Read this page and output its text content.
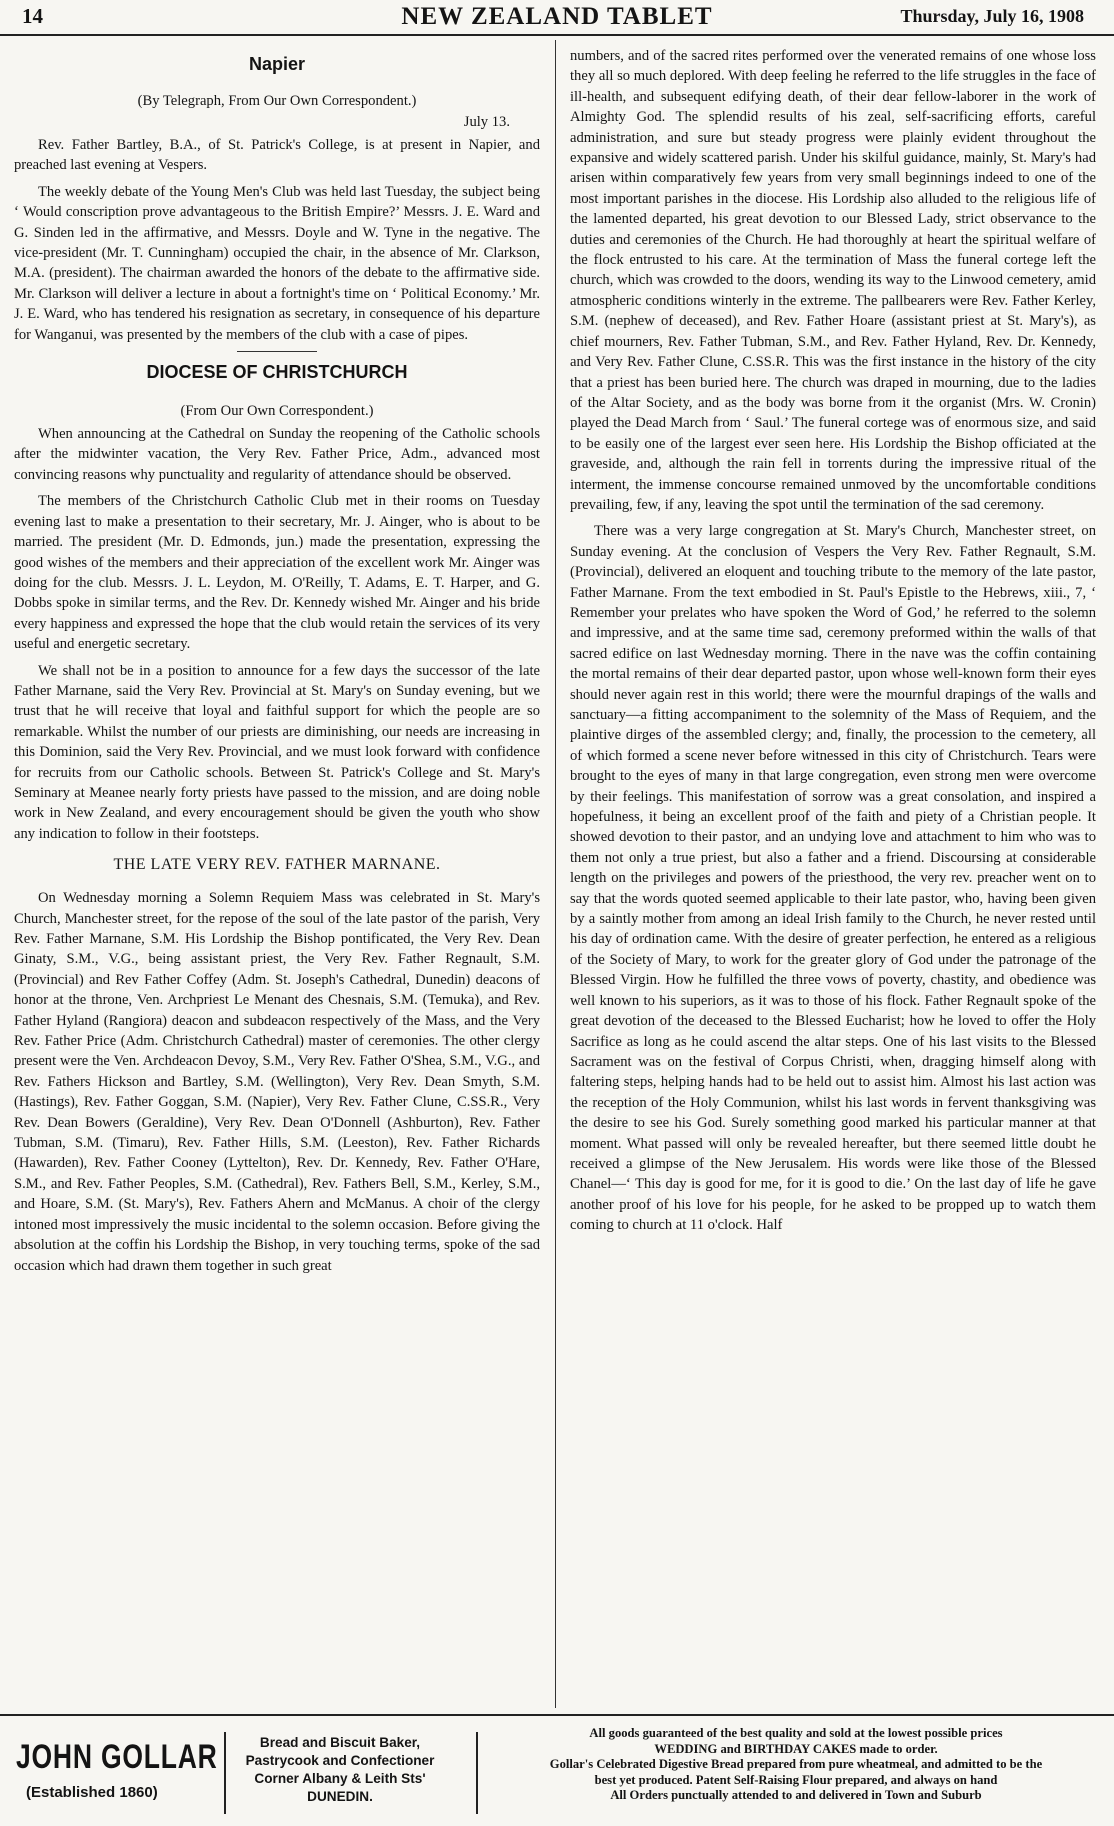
14	NEW ZEALAND TABLET	Thursday, July 16, 1908
Napier
(By Telegraph, From Our Own Correspondent.)
July 13.

Rev. Father Bartley, B.A., of St. Patrick's College, is at present in Napier, and preached last evening at Vespers.

The weekly debate of the Young Men's Club was held last Tuesday, the subject being ‘ Would conscription prove advantageous to the British Empire?’ Messrs. J. E. Ward and G. Sinden led in the affirmative, and Messrs. Doyle and W. Tyne in the negative. The vice-president (Mr. T. Cunningham) occupied the chair, in the absence of Mr. Clarkson, M.A. (president). The chairman awarded the honors of the debate to the affirmative side. Mr. Clarkson will deliver a lecture in about a fortnight's time on ‘ Political Economy.’ Mr. J. E. Ward, who has tendered his resignation as secretary, in consequence of his departure for Wanganui, was presented by the members of the club with a case of pipes.

DIOCESE OF CHRISTCHURCH
(From Our Own Correspondent.)

When announcing at the Cathedral on Sunday the reopening of the Catholic schools after the midwinter vacation, the Very Rev. Father Price, Adm., advanced most convincing reasons why punctuality and regularity of attendance should be observed.

The members of the Christchurch Catholic Club met in their rooms on Tuesday evening last to make a presentation to their secretary, Mr. J. Ainger, who is about to be married. The president (Mr. D. Edmonds, jun.) made the presentation, expressing the good wishes of the members and their appreciation of the excellent work Mr. Ainger was doing for the club. Messrs. J. L. Leydon, M. O'Reilly, T. Adams, E. T. Harper, and G. Dobbs spoke in similar terms, and the Rev. Dr. Kennedy wished Mr. Ainger and his bride every happiness and expressed the hope that the club would retain the services of its very useful and energetic secretary.

We shall not be in a position to announce for a few days the successor of the late Father Marnane, said the Very Rev. Provincial at St. Mary's on Sunday evening, but we trust that he will receive that loyal and faithful support for which the people are so remarkable. Whilst the number of our priests are diminishing, our needs are increasing in this Dominion, said the Very Rev. Provincial, and we must look forward with confidence for recruits from our Catholic schools. Between St. Patrick's College and St. Mary's Seminary at Meanee nearly forty priests have passed to the mission, and are doing noble work in New Zealand, and every encouragement should be given the youth who show any indication to follow in their footsteps.

THE LATE VERY REV. FATHER MARNANE.

On Wednesday morning a Solemn Requiem Mass was celebrated in St. Mary's Church, Manchester street, for the repose of the soul of the late pastor of the parish, Very Rev. Father Marnane, S.M. His Lordship the Bishop pontificated, the Very Rev. Dean Ginaty, S.M., V.G., being assistant priest, the Very Rev. Father Regnault, S.M. (Provincial) and Rev Father Coffey (Adm. St. Joseph's Cathedral, Dunedin) deacons of honor at the throne, Ven. Archpriest Le Menant des Chesnais, S.M. (Temuka), and Rev. Father Hyland (Rangiora) deacon and subdeacon respectively of the Mass, and the Very Rev. Father Price (Adm. Christchurch Cathedral) master of ceremonies. The other clergy present were the Ven. Archdeacon Devoy, S.M., Very Rev. Father O'Shea, S.M., V.G., and Rev. Fathers Hickson and Bartley, S.M. (Wellington), Very Rev. Dean Smyth, S.M. (Hastings), Rev. Father Goggan, S.M. (Napier), Very Rev. Father Clune, C.SS.R., Very Rev. Dean Bowers (Geraldine), Very Rev. Dean O'Donnell (Ashburton), Rev. Father Tubman, S.M. (Timaru), Rev. Father Hills, S.M. (Leeston), Rev. Father Richards (Hawarden), Rev. Father Cooney (Lyttelton), Rev. Dr. Kennedy, Rev. Father O'Hare, S.M., and Rev. Father Peoples, S.M. (Cathedral), Rev. Fathers Bell, S.M., Kerley, S.M., and Hoare, S.M. (St. Mary's), Rev. Fathers Ahern and McManus. A choir of the clergy intoned most impressively the music incidental to the solemn occasion. Before giving the absolution at the coffin his Lordship the Bishop, in very touching terms, spoke of the sad occasion which had drawn them together in such great

numbers, and of the sacred rites performed over the venerated remains of one whose loss they all so much deplored. With deep feeling he referred to the life struggles in the face of ill-health, and subsequent edifying death, of their dear fellow-laborer in the work of Almighty God. The splendid results of his zeal, self-sacrificing efforts, careful administration, and sure but steady progress were plainly evident throughout the expansive and widely scattered parish. Under his skilful guidance, mainly, St. Mary's had arisen within comparatively few years from very small beginnings indeed to one of the most important parishes in the diocese. His Lordship also alluded to the religious life of the lamented departed, his great devotion to our Blessed Lady, strict observance to the duties and ceremonies of the Church. He had thoroughly at heart the spiritual welfare of the flock entrusted to his care. At the termination of Mass the funeral cortege left the church, which was crowded to the doors, wending its way to the Linwood cemetery, amid atmospheric conditions winterly in the extreme. The pallbearers were Rev. Father Kerley, S.M. (nephew of deceased), and Rev. Father Hoare (assistant priest at St. Mary's), as chief mourners, Rev. Father Tubman, S.M., and Rev. Father Hyland, Rev. Dr. Kennedy, and Very Rev. Father Clune, C.SS.R. This was the first instance in the history of the city that a priest has been buried here. The church was draped in mourning, due to the ladies of the Altar Society, and as the body was borne from it the organist (Mrs. W. Cronin) played the Dead March from ‘ Saul.’ The funeral cortege was of enormous size, and said to be easily one of the largest ever seen here. His Lordship the Bishop officiated at the graveside, and, although the rain fell in torrents during the impressive ritual of the interment, the immense concourse remained unmoved by the uncomfortable conditions prevailing, few, if any, leaving the spot until the termination of the sad ceremony.

There was a very large congregation at St. Mary's Church, Manchester street, on Sunday evening. At the conclusion of Vespers the Very Rev. Father Regnault, S.M. (Provincial), delivered an eloquent and touching tribute to the memory of the late pastor, Father Marnane. From the text embodied in St. Paul's Epistle to the Hebrews, xiii., 7, ‘ Remember your prelates who have spoken the Word of God,’ he referred to the solemn and impressive, and at the same time sad, ceremony preformed within the walls of that sacred edifice on last Wednesday morning. There in the nave was the coffin containing the mortal remains of their dear departed pastor, upon whose well-known form their eyes should never again rest in this world; there were the mournful drapings of the walls and sanctuary—a fitting accompaniment to the solemnity of the Mass of Requiem, and the plaintive dirges of the assembled clergy; and, finally, the procession to the cemetery, all of which formed a scene never before witnessed in this city of Christchurch. Tears were brought to the eyes of many in that large congregation, even strong men were overcome by their feelings. This manifestation of sorrow was a great consolation, and inspired a hopefulness, it being an excellent proof of the faith and piety of a Christian people. It showed devotion to their pastor, and an undying love and attachment to him who was to them not only a true priest, but also a father and a friend. Discoursing at considerable length on the privileges and powers of the priesthood, the very rev. preacher went on to say that the words quoted seemed applicable to their late pastor, who, having been given by a saintly mother from among an ideal Irish family to the Church, he never rested until his day of ordination came. With the desire of greater perfection, he entered as a religious of the Society of Mary, to work for the greater glory of God under the patronage of the Blessed Virgin. How he fulfilled the three vows of poverty, chastity, and obedience was well known to his superiors, as it was to those of his flock. Father Regnault spoke of the great devotion of the deceased to the Blessed Eucharist; how he loved to offer the Holy Sacrifice as long as he could ascend the altar steps. One of his last visits to the Blessed Sacrament was on the festival of Corpus Christi, when, dragging himself along with faltering steps, helping hands had to be held out to assist him. Almost his last action was the reception of the Holy Communion, whilst his last words in fervent thanksgiving was the desire to see his God. Surely something good marked his particular manner at that moment. What passed will only be revealed hereafter, but there seemed little doubt he received a glimpse of the New Jerusalem. His words were like those of the Blessed Chanel—‘ This day is good for me, for it is good to die.’ On the last day of life he gave another proof of his love for his people, for he asked to be propped up to watch them coming to church at 11 o'clock. Half

JOHN GOLLAR
(Established 1860)
Bread and Biscuit Baker,
Pastrycook and Confectioner
Corner Albany & Leith Sts'
DUNEDIN.
All goods guaranteed of the best quality and sold at the lowest possible prices
WEDDING and BIRTHDAY CAKES made to order.
Gollar's Celebrated Digestive Bread prepared from pure wheatmeal, and admitted to be the
best yet produced. Patent Self-Raising Flour prepared, and always on hand
All Orders punctually attended to and delivered in Town and Suburb
